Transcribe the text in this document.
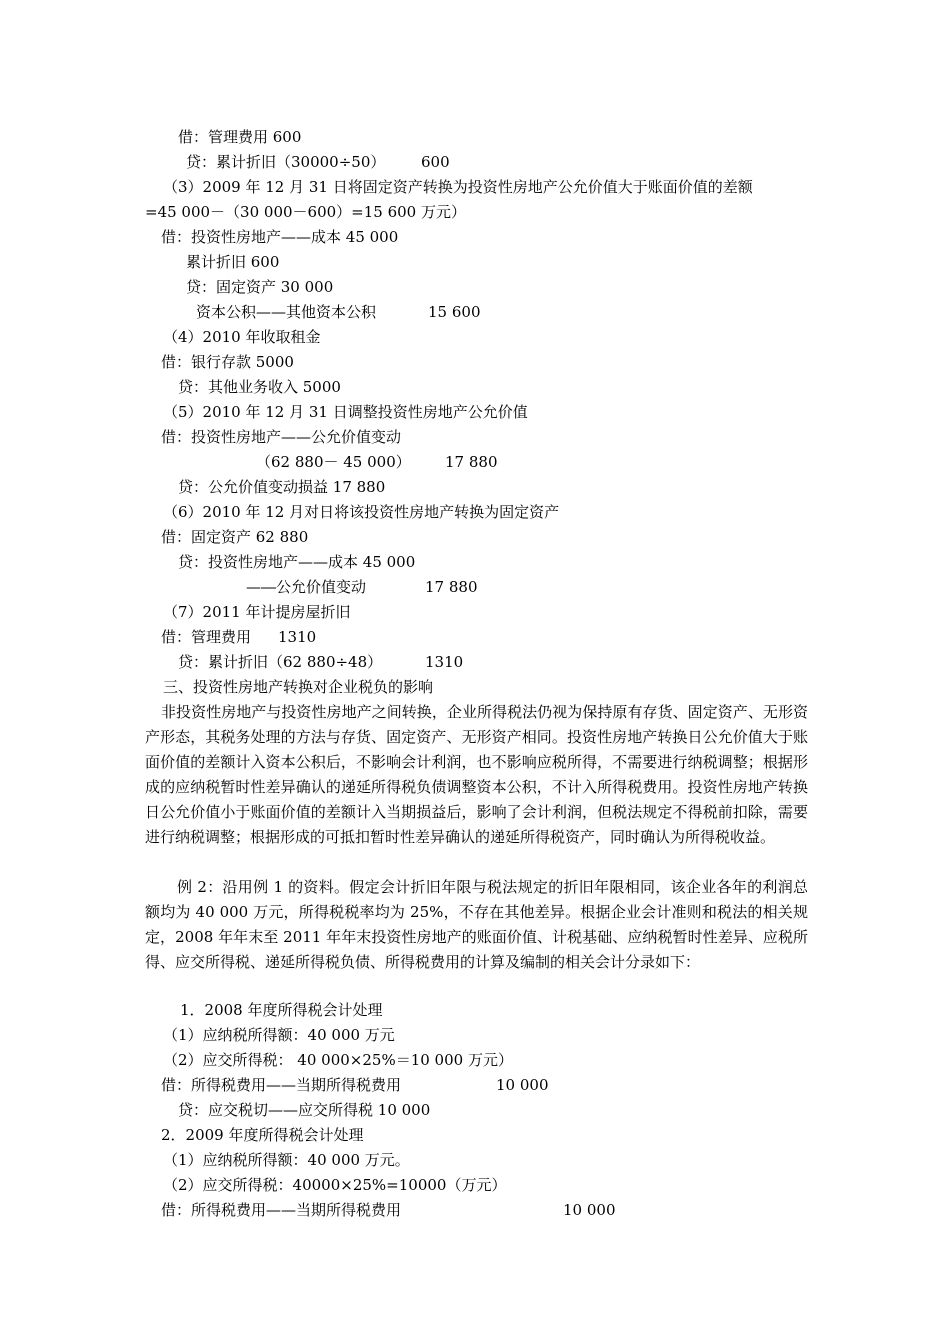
借：管理费用 600
贷：累计折旧（30000÷50） 600
（3）2009 年 12 月 31 日将固定资产转换为投资性房地产公允价值大于账面价值的差额
=45 000－（30 000－600）=15 600 万元）
借：投资性房地产——成本 45 000
累计折旧 600
贷：固定资产 30 000
资本公积——其他资本公积	15 600
（4）2010 年收取租金
借：银行存款 5000
贷：其他业务收入 5000
（5）2010 年 12 月 31 日调整投资性房地产公允价值
借：投资性房地产——公允价值变动
（62 880－ 45 000） 17 880
贷：公允价值变动损益 17 880
（6）2010 年 12 月对日将该投资性房地产转换为固定资产
借：固定资产 62 880
贷：投资性房地产——成本 45 000
—―公允价值变动	17 880
（7）2011 年计提房屋折旧
借：管理费用 1310
贷：累计折旧（62 880÷48）	1310
三、投资性房地产转换对企业税负的影响
非投资性房地产与投资性房地产之间转换，企业所得税法仍视为保持原有存货、固定资产、无形资产形态，其税务处理的方法与存货、固定资产、无形资产相同。投资性房地产转换日公允价值大于账面价值的差额计入资本公积后，不影响会计利润，也不影响应税所得，不需要进行纳税调整；根据形成的应纳税暂时性差异确认的递延所得税负债调整资本公积，不计入所得税费用。投资性房地产转换日公允价值小于账面价值的差额计入当期损益后，影响了会计利润，但税法规定不得税前扣除，需要进行纳税调整；根据形成的可抵扣暂时性差异确认的递延所得税资产，同时确认为所得税收益。
例 2：沿用例 1 的资料。假定会计折旧年限与税法规定的折旧年限相同，该企业各年的利润总额均为 40 000 万元，所得税税率均为 25%，不存在其他差异。根据企业会计准则和税法的相关规定，2008 年年末至 2011 年年末投资性房地产的账面价值、计税基础、应纳税暂时性差异、应税所得、应交所得税、递延所得税负债、所得税费用的计算及编制的相关会计分录如下：
1．2008 年度所得税会计处理
（1）应纳税所得额：40 000 万元
（2）应交所得税： 40 000×25%＝10 000 万元）
借：所得税费用——当期所得税费用	10 000
贷：应交税切——应交所得税 10 000
2．2009 年度所得税会计处理
（1）应纳税所得额：40 000 万元。
（2）应交所得税：40000×25%=10000（万元）
借：所得税费用——当期所得税费用	10 000
